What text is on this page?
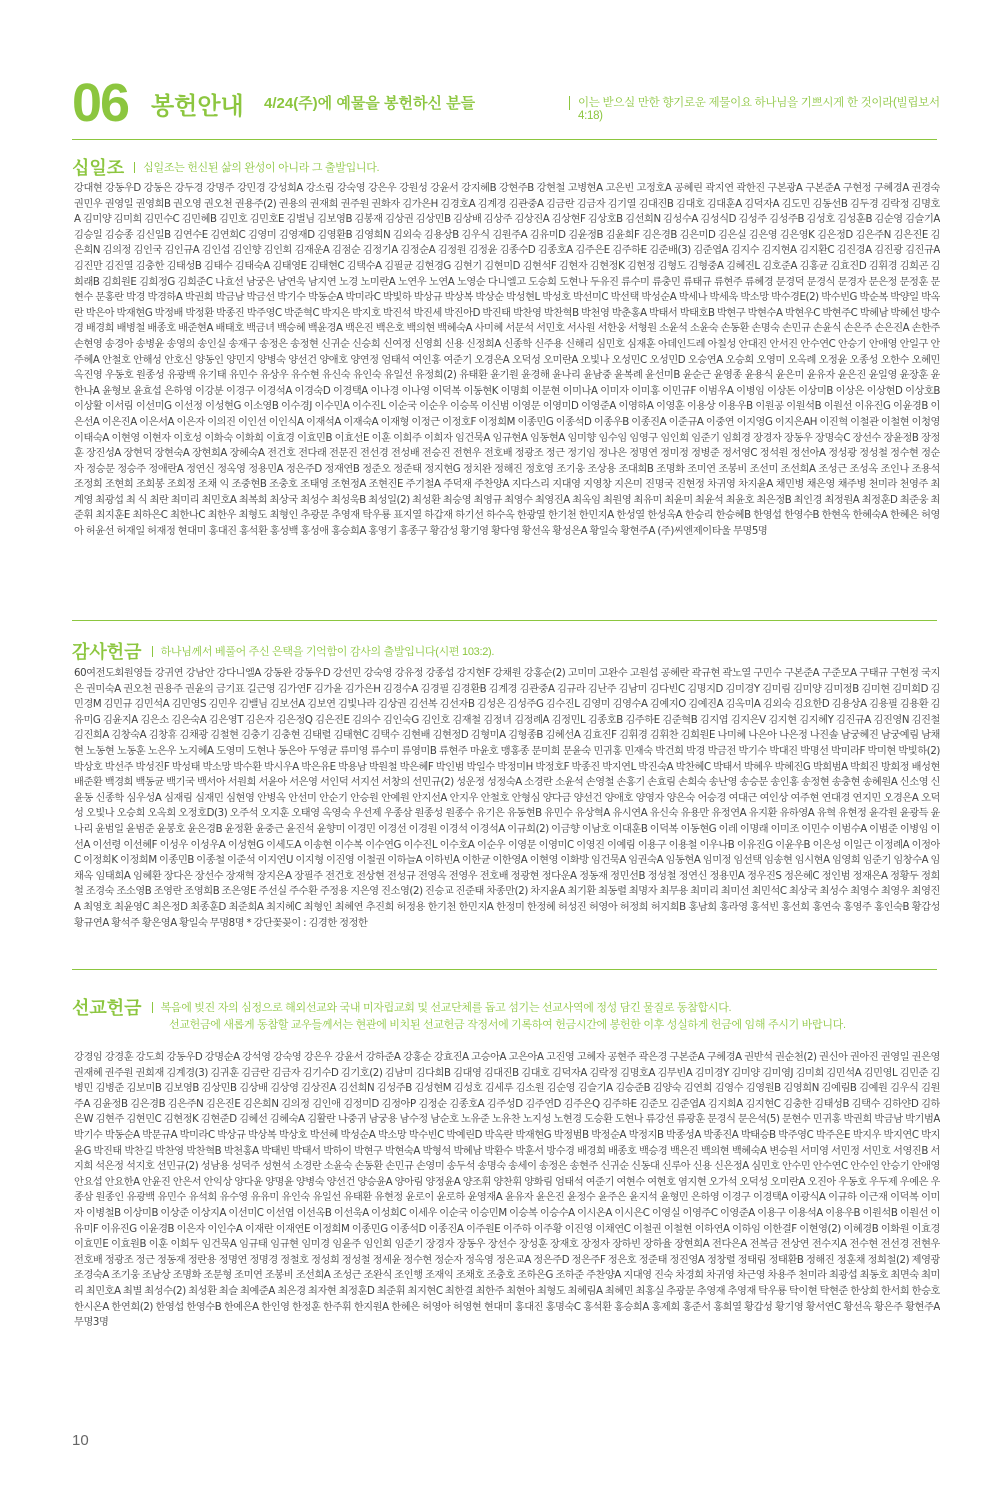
06 봉헌안내 4/24(주)에 예물을 봉헌하신 분들	이는 받으실 만한 향기로운 제물이요 하나님을 기쁘시게 한 것이라(빌립보서 4:18)
십일조 십일조는 헌신된 삶의 완성이 아니라 그 출발입니다.

강대현 강동우D 강동은 강두경 강명주 강민경 강성희A 강소림 강숙영 강은우 강원성 강윤서 강지혜B 강현주B 강현철 고병현A 고은빈 고정호A 공혜린 곽지연 곽한진 구본광A 구본준A 구현정 구혜경A 권경숙 권민우 권영일 권영희B 권오영 권오천 권용주(2) 권용의 권재희 권주원 권화자 김가은H 김경호A 김계경 김관중A 김금란 김금자 김기열 김대진B 김대호 김대훈A 김덕자A 김도민 김동선B 김두경 김락정 김명호A 김미양 김미희 김민수C 김민혜B 김민호 김민호E 김벌님 김보영B 김봉재 김상권 김상민B 김상배 김상주 김상진A 김상현F 김상호B 김선희N 김성수A 김성식D 김성주 김성주B 김성호 김성훈B 김순영 김슬기A 김승일 김승종 김신일B 김연수E 김연희C 김영미 김영재D 김영환B 김영희N 김외숙 김용상B 김우식 김원주A 김유미D 김윤정B 김윤희F 김은경B 김은미D 김은실 김은영 김은영K 김은정D 김은주N 김은진E 김은희N 김의정 김인국 김인규A 김인섭 김인향 김인회 김재운A 김점순 김정기A 김정순A 김정원 김정윤 김종수D 김종호A 김주은E 김주하E 김준배(3) 김준엽A 김지수 김지현A 김지환C 김진경A 김진광 김진규A 김진만 김진열 김충한 김태성B 김태수 김태숙A 김태영E 김태현C 김택수A 김필균 김현경G 김현기 김현미D 김현석F 김현자 김현정K 김현정 김형도 김형중A 김혜진L 김호준A 김홍균 김효진D 김휘경 김희곤 김희래B 김희원E 김희정G 김희준C 나효선 남궁은 남연욱 남지연 노경 노미란A 노연우 노연A 노영순 다니엘고 도승희 도현나 두유진 류수미 류충민 류태규 류현주 류혜경 문경덕 문경식 문경자 문은정 문정훈 문현수 문홍란 박경 박경하A 박권희 박금남 박금선 박기수 박동순A 박미라C 박빛하 박상규 박상복 박상순 박성현L 박성호 박선미C 박선택 박성순A 박세나 박세욱 박소망 박수경E(2) 박수빈G 박순복 박양일 박옥란 박은아 박재현G 박정배 박정환 박종진 박주영C 박준혁C 박지은 박지호 박진석 박진세 박진아D 박진태 박찬영 박찬혁B 박천영 박춘홍A 박태서 박태호B 박현구 박현수A 박현우C 박현주C 박혜남 박혜선 방수경 배경희 배병철 배종호 배준현A 배태호 백금녀 백승혜 백윤경A 백은진 백은호 백의현 백혜숙A 사미혜 서문석 서민호 서사원 서한웅 서형원 소윤석 소윤숙 손동환 손명숙 손민규 손윤식 손은주 손은진A 손한주 손현영 송경아 송병윤 송영의 송인실 송재구 송정은 송정현 신귀순 신승희 신여정 신영희 신용 신정희A 신종학 신주용 신해리 심민호 심재훈 아데인드레 아칠성 안대진 안서진 안수연C 안승기 안애영 안일구 안주혜A 안철호 안해성 안호신 양동인 양민지 양병숙 양선건 양애호 양연정 엄태석 여인홍 여준기 오경은A 오덕성 오미란A 오빛나 오성민C 오성민D 오승연A 오승희 오영미 오옥례 오정윤 오종성 오한수 오혜민 옥진영 우동호 원종성 유광백 유기태 유민수 유상우 유수현 유신숙 유인숙 유일선 유정희(2) 유태환 윤기원 윤경해 윤나리 윤남중 윤복례 윤선미B 윤순근 윤영종 윤용식 윤은미 윤유자 윤은진 윤일영 윤장훈 윤한나A 윤형보 윤효섭 은하영 이강분 이경구 이경석A 이경숙D 이경택A 이나경 이나영 이덕복 이동현K 이명희 이문현 이미나A 이미자 이미홍 이민규F 이범우A 이병임 이상돈 이상미B 이상은 이상현D 이상호B 이상활 이서림 이선미G 이선정 이성현G 이소영B 이수경J 이수민A 이수진L 이순국 이순우 이승목 이신범 이영문 이영미D 이영준A 이영하A 이영훈 이용상 이용우B 이원공 이원석B 이원선 이유진G 이윤경B 이은선A 이은진A 이은서A 이은자 이의진 이인선 이인식A 이재석A 이재숙A 이재형 이정근 이정호F 이정희M 이종민G 이종석D 이종우B 이종진A 이준규A 이중연 이지영G 이지은AH 이진혁 이철관 이철현 이청영 이태숙A 이현영 이현자 이호성 이화숙 이화희 이효경 이효민B 이효선E 이훈 이희주 이희자 임건묵A 임규현A 임동현A 임미향 임수임 임영구 임인희 임준기 임희경 장경자 장동우 장명숙C 장선수 장윤정B 장정훈 장진성A 장현덕 장현숙A 장현희A 장혜숙A 전건호 전다래 전문진 전선경 전성배 전승진 전현우 전호배 정광조 정근 정기임 정나은 정명연 정미정 정병준 정서영C 정석원 정선아A 정성광 정성철 정수현 정순자 정승문 정승주 정애란A 정연신 정옥영 정용민A 정은주D 정재연B 정준오 정준태 정지현G 정치완 정해진 정호영 조기웅 조상용 조대희B 조명화 조미연 조봉비 조선미 조선희A 조성근 조성옥 조인나 조용석 조정희 조현희 조희봉 조희정 조채 익 조중현B 조충호 조태영 조현정A 조현진E 주기철A 주덕재 주찬양A 지다스리 지대영 지영창 지은미 진명국 진현정 차귀영 차지윤A 채민병 채은영 채주병 천미라 천영주 최계영 최광섭 최 식 최란 최미리 최민호A 최복희 최상국 최성수 최성욱B 최성일(2) 최성환 최승영 최영규 최영수 최영진A 최옥임 최원영 최유미 최윤미 최윤석 최윤호 최은정B 최인경 최정원A 최정훈D 최준웅 최준휘 최지훈E 최하은C 최한나C 최한우 최형도 최형인 추광문 추영재 탁우룡 표지열 하갑재 하기선 하수옥 한광열 한기천 한민지A 한성열 한성옥A 한승리 한승혜B 한영섭 한영수B 한현옥 한혜숙A 한혜은 허영아 허윤선 허재일 허재정 현대미 홍대진 홍석환 홍성백 홍성애 홍승희A 홍영기 홍종구 황감성 황기영 황다영 황선옥 황성은A 황일숙 황현주A (주)씨엔제이타울 무명5명

감사헌금 하나님께서 베풀어 주신 은택을 기억함이 감사의 출발입니다(시편 103:2).

60여전도회원영들 강귀연 강남안 강다니엘A 강동완 강동우D 강선민 강숙영 강유정 강종섭 강지현F 강채원 강홍순(2) 고미미 고완수 고원섭 공혜란 곽규현 곽노열 구민수 구본준A 구준모A 구태규 구현정 국지은 권미숙A 권오천 권용주 권윤의 금기표 길근영 김가연F 김가윤 김가은H 김경수A 김경필 김경환B 김계경 김관중A 김규라 김난주 김남미 김다빈C 김명지D 김미경Y 김미림 김미양 김미정B 김미현 김미희D 김민경M 김민규 김민석A 김민영S 김민우 김밸님 김보선A 김보연 김빛나라 김상권 김선복 김선자B 김성은 김성주G 김수진L 김영미 김영수A 김예지O 김예진A 김옥미A 김외숙 김요한D 김용상A 김용필 김용환 김유미G 김윤지A 김은소 김은숙A 김은영T 김은자 김은정Q 김은진E 김의수 김인숙G 김인호 김재철 김정녀 김정례A 김정민L 김종호B 김주하E 김준혁B 김지엽 김지은V 김지현 김지혜Y 김진규A 김진영N 김진철 김진희A 김창숙A 김창휴 김채광 김철현 김충기 김충현 김태렬 김태현C 김택수 김현배 김현정D 김형미A 김형종B 김혜선A 김효진F 김휘경 김휘찬 김희원E 나미혜 나은아 나은정 나진솔 남궁혜진 남궁예림 남채현 노동현 노동훈 노은우 노지혜A 도영미 도현나 동은아 두영균 류미영 류수미 류영미B 류현주 마윤호 맹홍종 문미희 문윤숙 민귀홍 민재숙 박건희 박경 박금전 박기수 박대진 박명선 박미라F 박미현 박빛하(2) 박상호 박선주 박성진F 박성태 박소망 박수환 박시우A 박은유E 박용남 박원철 박은혜F 박인범 박일수 박정미H 박정호F 박종진 박지연L 박진숙A 박찬혜C 박태서 박혜우 박혜진G 박희범A 박희진 방희정 배성현 배준환 백경희 백동균 백기국 백서아 서원희 서윤아 서은영 서인덕 서지선 서창의 선민규(2) 성운정 성정숙A 소경란 소윤석 손영철 손홍기 손효림 손희숙 송난영 송승문 송인홍 송정현 송충현 송혜원A 신소영 신윤동 신종학 심우성A 심재림 심재민 심현영 안병옥 안선미 안순기 안승원 안예원 안지선A 안지우 안철호 안형심 양다금 양선건 양애호 양영자 양은숙 어승경 여대근 여인상 여주현 연대경 연지민 오경은A 오덕성 오빛나 오승희 오옥희 오정호D(3) 오주석 오지훈 오태영 옥영숙 우선제 우종삼 원종성 원종수 유기은 유동현B 유민수 유상혁A 유시연A 유신숙 유용만 유정연A 유지환 유하영A 유혁 유현정 윤각원 윤광득 윤나리 윤범일 윤범준 윤봉호 윤은경B 윤정환 윤중근 윤진석 윤향미 이경민 이경선 이경원 이경석 이경석A 이규희(2) 이금향 이남호 이대훈B 이덕복 이동현G 이레 이명래 이미조 이민수 이범수A 이범준 이병임 이선A 이선령 이선혜F 이성우 이성우A 이성현G 이세도A 이송현 이수복 이수연G 이수진L 이수호A 이순우 이영문 이영미C 이영진 이예림 이용구 이용철 이우나B 이유진G 이윤우B 이은성 이일근 이정례A 이정아C 이정희K 이정희M 이종민B 이종철 이준석 이지연U 이지형 이진영 이철권 이하늘A 이하빈A 이한균 이한영A 이현영 이화방 임건묵A 임권숙A 임동현A 임미정 임선택 임송현 임시현A 임영희 임준기 임창수A 임채옥 임태희A 임혜환 장다은 장선수 장재혁 장지은A 장필주 전건호 전상현 전성규 전영옥 전영우 전호배 정광현 정다운A 정동재 정민선B 정성철 정연신 정용민A 정우진S 정은혜C 정인범 정재은A 정황두 정희철 조경숙 조소영B 조영란 조영희B 조은영E 주선실 주수환 주정용 지은영 진소영(2) 진승교 진준태 차종만(2) 차지윤A 최기환 최동렬 최명자 최무용 최미리 최미선 최민석C 최상국 최성수 최영수 최영우 최영진A 최영호 최윤영C 최은정D 최종훈D 최준희A 최지혜C 최형인 최혜연 추진희 허정용 한기천 한민지A 한정미 한정혜 허성진 허영아 허정희 허지희B 홍남희 홍라영 홍석빈 홍선희 홍연숙 홍영주 홍인숙B 황갑성 황규연A 황석주 황은영A 황일숙 무명8명 * 강단꽃꽂이 : 김경한 정정한

선교헌금 복음에 빚진 자의 심정으로 해외선교와 국내 미자립교회 및 선교단체를 돕고 섬기는 선교사역에 정성 담긴 물질로 동참합시다.
선교헌금에 새롭게 동참할 교우들께서는 현관에 비치된 선교헌금 작정서에 기록하여 헌금시간에 봉헌한 이후 성실하게 헌금에 임해 주시기 바랍니다.

강경임 강경훈 강도희 강동우D 강명순A 강석영 강숙영 강은우 강윤서 강하준A 강홍순 강효진A 고승아A 고은아A 고진영 고혜자 공현주 곽은경 구본준A 구혜경A 권반석 권순천(2) 권신아 권아진 권영일 권은영 권재혜 권주원 권희재 김계경(3) 김귀훈 김금란 김금자 김기수D 김기호(2) 김남미 김다희B 김대영 김대진B 김대호 김덕자A 김락정 김명호A 김무빈A 김미경Y 김미양 김미영J 김미희 김민석A 김민영L 김민준 김병민 김병준 김보미B 김보영B 김상민B 김상배 김상영 김상진A 김선희N 김성주B 김성현M 김성호 김세루 김소원 김순영 김슬기A 김승준B 김양숙 김연희 김영수 김영원B 김영희N 김예림B 김예원 김우식 김원주A 김윤정B 김은경B 김은주N 김은진E 김은희N 김의정 김인애 김정미D 김정아P 김정순 김종호A 김주성D 김주연D 김주은Q 김주하E 김준모 김준엽A 김지희A 김지현C 김충한 김태성B 김택수 김하얀D 김하은W 김현주 김현민C 김현정K 김현준D 김혜선 김혜숙A 김활란 나중귀 남궁용 남수정 남순호 노유준 노유찬 노지성 노현경 도승환 도현나 류강선 류광훈 문경식 문은석(5) 문현수 민귀홍 박권희 박금남 박기범A 박기수 박동순A 박문규A 박미라C 박상규 박상복 박상호 박선혜 박성순A 박소망 박수빈C 박예린D 박옥란 박재현G 박정범B 박정순A 박정지B 박종성A 박종진A 박태승B 박주영C 박주은E 박지우 박지연C 박지윤G 박진태 박찬길 박찬영 박찬혁B 박천홍A 박태빈 박태서 박하이 박현구 박현숙A 박형석 박혜남 박환수 박훈서 방수경 배경희 배종호 백승경 백은진 백의현 백혜숙A 변승원 서미영 서민정 서민호 서영진B 서지희 석은정 석지호 선민규(2) 성남용 성덕주 성현석 소경란 소윤숙 손동환 손민규 손영미 송두석 송명숙 송세이 송정은 송현주 신귀순 신동대 신루아 신용 신은정A 심민호 안수민 안수연C 안수인 안승기 안애영 안요섭 안요한A 안윤진 안은서 안익상 양다윤 양명윤 양병숙 양선건 양승윤A 양아림 양정윤A 양조휘 양찬휘 양화림 엄태석 여준기 여현수 여현호 염지현 오가석 오덕성 오미란A 오진아 우동호 우두제 우예은 우종삼 원종인 유광백 유민수 유석희 유수영 유유미 유인숙 유일선 유태환 유현정 윤로이 윤로하 윤영재A 윤유자 윤은진 윤정수 윤주은 윤지석 윤형민 은하영 이경구 이경택A 이광식A 이규하 이근재 이덕복 이미자 이병철B 이상미B 이상준 이상지A 이선미C 이선엽 이선옥B 이선욱A 이성희C 이세우 이순국 이승민M 이승복 이승수A 이시온A 이시은C 이영실 이영주C 이영준A 이용구 이용석A 이용우B 이원석B 이원선 이유미F 이유진G 이윤경B 이은자 이인수A 이재란 이재연E 이정희M 이종민G 이종석D 이종진A 이주원E 이주하 이주황 이진영 이채연C 이철권 이철현 이하연A 이하임 이한결F 이현영(2) 이혜경B 이화원 이효경 이효민E 이효원B 이훈 이희두 임건묵A 임규태 임규현 임미경 임윤주 임인희 임준기 장경자 장동우 장선수 장성훈 장재호 장정자 장하빈 장하율 장현희A 전다은A 전복금 전상연 전수지A 전수현 전선경 전현우 전호배 정광조 정근 정동재 정란용 정명연 정명경 정철호 정성희 정성철 정세윤 정수현 정순자 정옥영 정은교A 정은주D 정은주F 정은호 정준태 정진영A 정창렬 정태림 정태환B 정해진 정훈채 정희철(2) 제영광 조경숙A 조기웅 조남상 조명화 조문형 조미연 조봉비 조선희A 조성근 조완식 조인행 조재익 조채호 조충호 조하은G 조하준 주찬양A 지대영 진숙 차경희 차귀영 차근영 차용주 천미라 최광섭 최동호 최면숙 최미리 최민호A 최별 최성수(2) 최성환 최슬 최예준A 최은경 최자현 최정훈D 최준휘 최지현C 최한결 최한주 최현아 최형도 최혜림A 최혜민 최홍실 추광문 추영재 추영재 탁우룡 탁이현 탁현준 한상희 한서희 한승호 한시온A 한연희(2) 한영섭 한영수B 한예은A 한인영 한정훈 한주휘 한지원A 한혜은 허영아 허영현 현대미 홍대진 홍명숙C 홍석환 홍승희A 홍제희 홍준서 홍희열 황갑성 황기영 황서연C 황선옥 황은주 황현주A 무명3명

10
